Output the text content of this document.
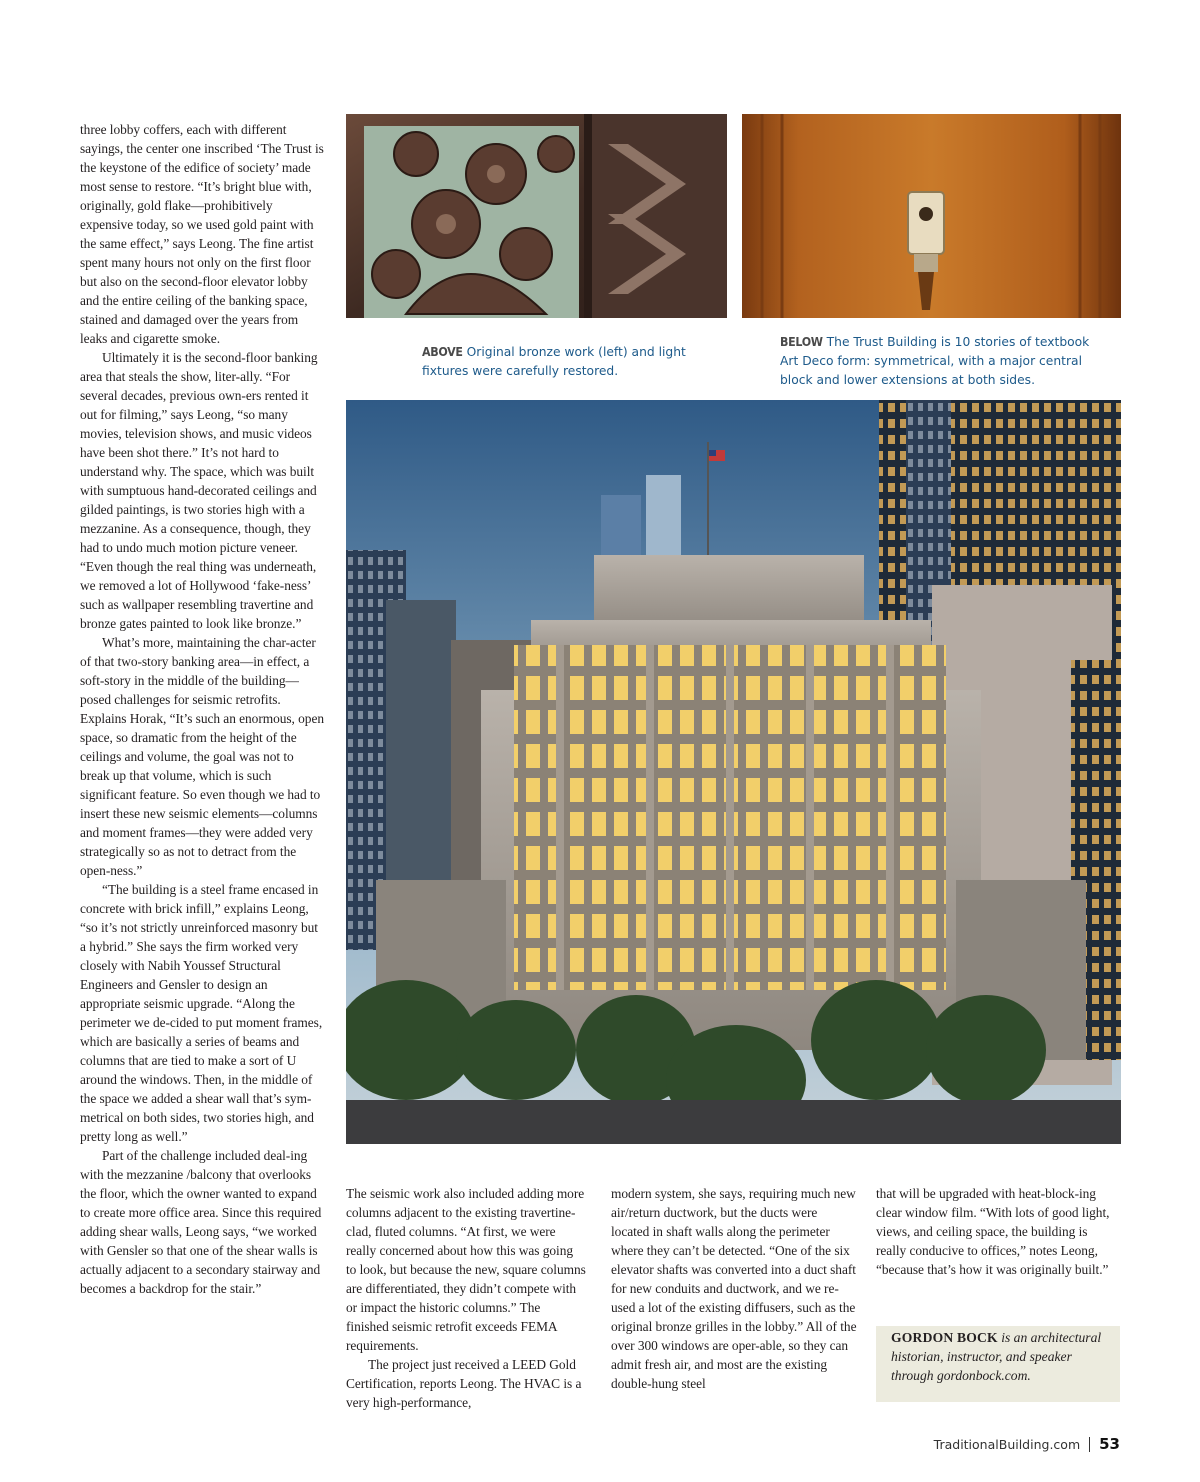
three lobby coffers, each with different sayings, the center one inscribed ‘The Trust is the keystone of the edifice of society’ made most sense to restore. “It’s bright blue with, originally, gold flake—prohibitively expensive today, so we used gold paint with the same effect,” says Leong. The fine artist spent many hours not only on the first floor but also on the second-floor elevator lobby and the entire ceiling of the banking space, stained and damaged over the years from leaks and cigarette smoke.

Ultimately it is the second-floor banking area that steals the show, liter-ally. “For several decades, previous own-ers rented it out for filming,” says Leong, “so many movies, television shows, and music videos have been shot there.” It’s not hard to understand why. The space, which was built with sumptuous hand-decorated ceilings and gilded paintings, is two stories high with a mezzanine. As a consequence, though, they had to undo much motion picture veneer. “Even though the real thing was underneath, we removed a lot of Hollywood ‘fake-ness’ such as wallpaper resembling travertine and bronze gates painted to look like bronze.”

What’s more, maintaining the char-acter of that two-story banking area—in effect, a soft-story in the middle of the building—posed challenges for seismic retrofits. Explains Horak, “It’s such an enormous, open space, so dramatic from the height of the ceilings and volume, the goal was not to break up that volume, which is such significant feature. So even though we had to insert these new seismic elements—columns and moment frames—they were added very strategically so as not to detract from the open-ness.”

“The building is a steel frame encased in concrete with brick infill,” explains Leong, “so it’s not strictly unreinforced masonry but a hybrid.” She says the firm worked very closely with Nabih Youssef Structural Engineers and Gensler to design an appropriate seismic upgrade. “Along the perimeter we de-cided to put moment frames, which are basically a series of beams and columns that are tied to make a sort of U around the windows. Then, in the middle of the space we added a shear wall that’s sym-metrical on both sides, two stories high, and pretty long as well.”

Part of the challenge included deal-ing with the mezzanine /balcony that overlooks the floor, which the owner wanted to expand to create more office area. Since this required adding shear walls, Leong says, “we worked with Gensler so that one of the shear walls is actually adjacent to a secondary stairway and becomes a backdrop for the stair.”

ABOVE Original bronze work (left) and light fixtures were carefully restored.
BELOW The Trust Building is 10 stories of textbook Art Deco form: symmetrical, with a major central block and lower extensions at both sides.

The seismic work also included adding more columns adjacent to the existing travertine-clad, fluted columns. “At first, we were really concerned about how this was going to look, but because the new, square columns are differentiated, they didn’t compete with or impact the historic columns.” The finished seismic retrofit exceeds FEMA requirements.

The project just received a LEED Gold Certification, reports Leong. The HVAC is a very high-performance,

modern system, she says, requiring much new air/return ductwork, but the ducts were located in shaft walls along the perimeter where they can’t be detected. “One of the six elevator shafts was converted into a duct shaft for new conduits and ductwork, and we re-used a lot of the existing diffusers, such as the original bronze grilles in the lobby.” All of the over 300 windows are oper-able, so they can admit fresh air, and most are the existing double-hung steel

that will be upgraded with heat-block-ing clear window film. “With lots of good light, views, and ceiling space, the building is really conducive to offices,” notes Leong, “because that’s how it was originally built.”

GORDON BOCK is an architectural historian, instructor, and speaker through gordonbock.com.
TraditionalBuilding.com 53
